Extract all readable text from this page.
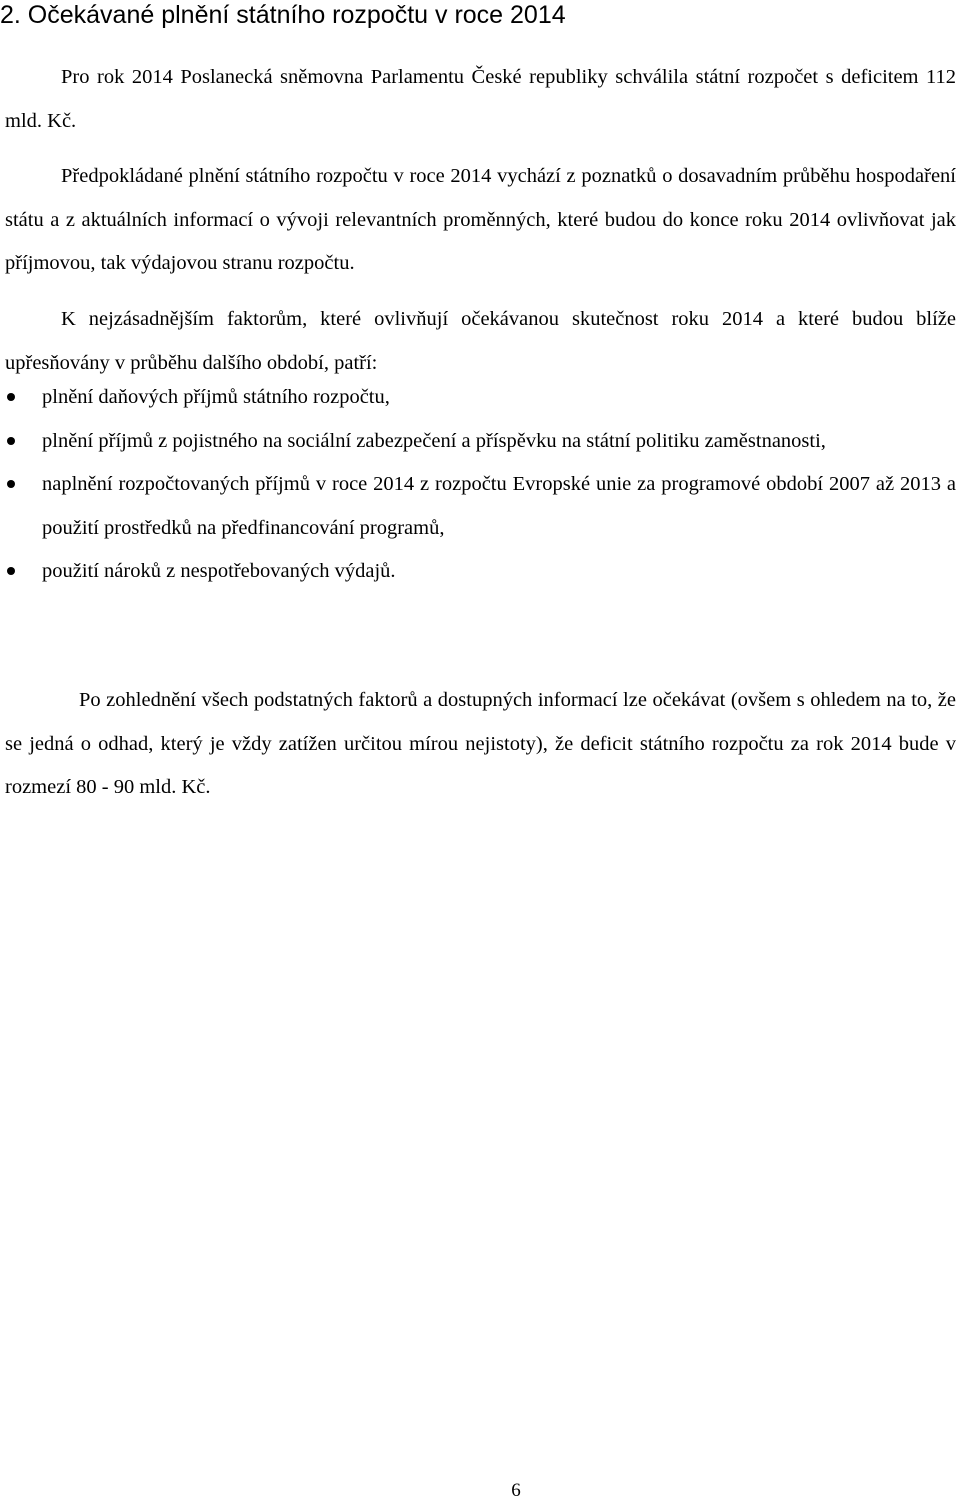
2. Očekávané plnění státního rozpočtu v roce 2014

Pro rok 2014 Poslanecká sněmovna Parlamentu České republiky schválila státní rozpočet s deficitem 112 mld. Kč.

Předpokládané plnění státního rozpočtu v roce 2014 vychází z poznatků o dosavadním průběhu hospodaření státu a z aktuálních informací o vývoji relevantních proměnných, které budou do konce roku 2014 ovlivňovat jak příjmovou, tak výdajovou stranu rozpočtu.

K nejzásadnějším faktorům, které ovlivňují očekávanou skutečnost roku 2014 a které budou blíže upřesňovány v průběhu dalšího období, patří:

plnění daňových příjmů státního rozpočtu,
plnění příjmů z pojistného na sociální zabezpečení a příspěvku na státní politiku zaměstnanosti,
naplnění rozpočtovaných příjmů v roce 2014 z rozpočtu Evropské unie za programové období 2007 až 2013 a použití prostředků na předfinancování programů,
použití nároků z nespotřebovaných výdajů.

Po zohlednění všech podstatných faktorů a dostupných informací lze očekávat (ovšem s ohledem na to, že se jedná o odhad, který je vždy zatížen určitou mírou nejistoty), že deficit státního rozpočtu za rok 2014 bude v rozmezí 80 - 90 mld. Kč.

6
